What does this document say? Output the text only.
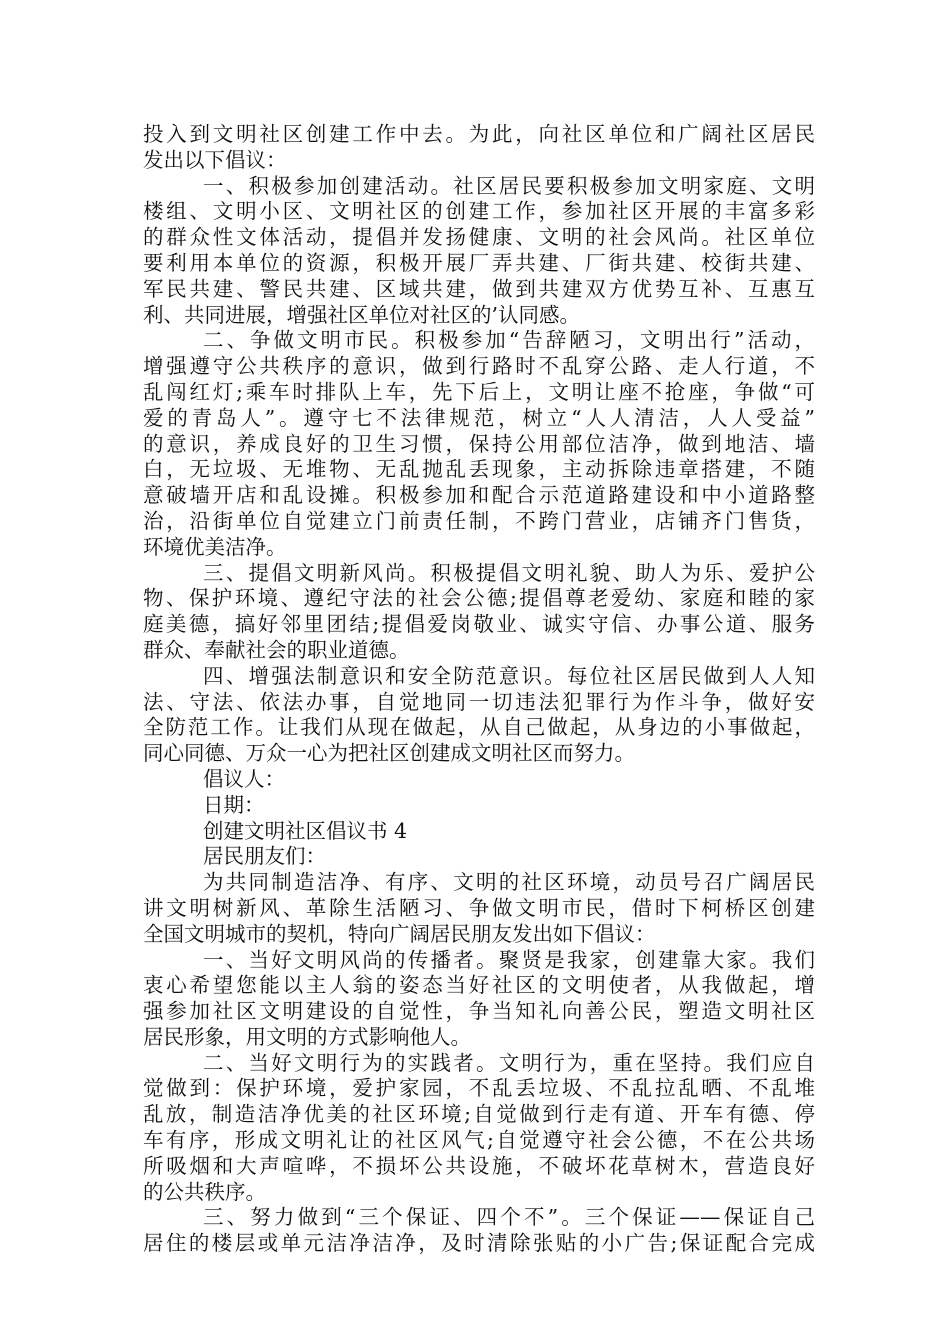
投入到文明社区创建工作中去。为此，向社区单位和广阔社区居民
发出以下倡议：
一、积极参加创建活动。社区居民要积极参加文明家庭、文明
楼组、文明小区、文明社区的创建工作，参加社区开展的丰富多彩
的群众性文体活动，提倡并发扬健康、文明的社会风尚。社区单位
要利用本单位的资源，积极开展厂弄共建、厂街共建、校街共建、
军民共建、警民共建、区域共建，做到共建双方优势互补、互惠互
利、共同进展，增强社区单位对社区的’认同感。
二、争做文明市民。积极参加“告辞陋习，文明出行”活动，
增强遵守公共秩序的意识，做到行路时不乱穿公路、走人行道，不
乱闯红灯;乘车时排队上车，先下后上，文明让座不抢座，争做“可
爱的青岛人”。遵守七不法律规范，树立“人人清洁，人人受益”
的意识，养成良好的卫生习惯，保持公用部位洁净，做到地洁、墙
白，无垃圾、无堆物、无乱抛乱丢现象，主动拆除违章搭建，不随
意破墙开店和乱设摊。积极参加和配合示范道路建设和中小道路整
治，沿街单位自觉建立门前责任制，不跨门营业，店铺齐门售货，
环境优美洁净。
三、提倡文明新风尚。积极提倡文明礼貌、助人为乐、爱护公
物、保护环境、遵纪守法的社会公德;提倡尊老爱幼、家庭和睦的家
庭美德，搞好邻里团结;提倡爱岗敬业、诚实守信、办事公道、服务
群众、奉献社会的职业道德。
四、增强法制意识和安全防范意识。每位社区居民做到人人知
法、守法、依法办事，自觉地同一切违法犯罪行为作斗争，做好安
全防范工作。让我们从现在做起，从自己做起，从身边的小事做起，
同心同德、万众一心为把社区创建成文明社区而努力。
倡议人：
日期：
创建文明社区倡议书 4
居民朋友们：
为共同制造洁净、有序、文明的社区环境，动员号召广阔居民
讲文明树新风、革除生活陋习、争做文明市民，借时下柯桥区创建
全国文明城市的契机，特向广阔居民朋友发出如下倡议：
一、当好文明风尚的传播者。聚贤是我家，创建靠大家。我们
衷心希望您能以主人翁的姿态当好社区的文明使者，从我做起，增
强参加社区文明建设的自觉性，争当知礼向善公民，塑造文明社区
居民形象，用文明的方式影响他人。
二、当好文明行为的实践者。文明行为，重在坚持。我们应自
觉做到：保护环境，爱护家园，不乱丢垃圾、不乱拉乱晒、不乱堆
乱放，制造洁净优美的社区环境;自觉做到行走有道、开车有德、停
车有序，形成文明礼让的社区风气;自觉遵守社会公德，不在公共场
所吸烟和大声喧哗，不损坏公共设施，不破坏花草树木，营造良好
的公共秩序。
三、努力做到“三个保证、四个不”。三个保证——保证自己
居住的楼层或单元洁净洁净，及时清除张贴的小广告;保证配合完成
